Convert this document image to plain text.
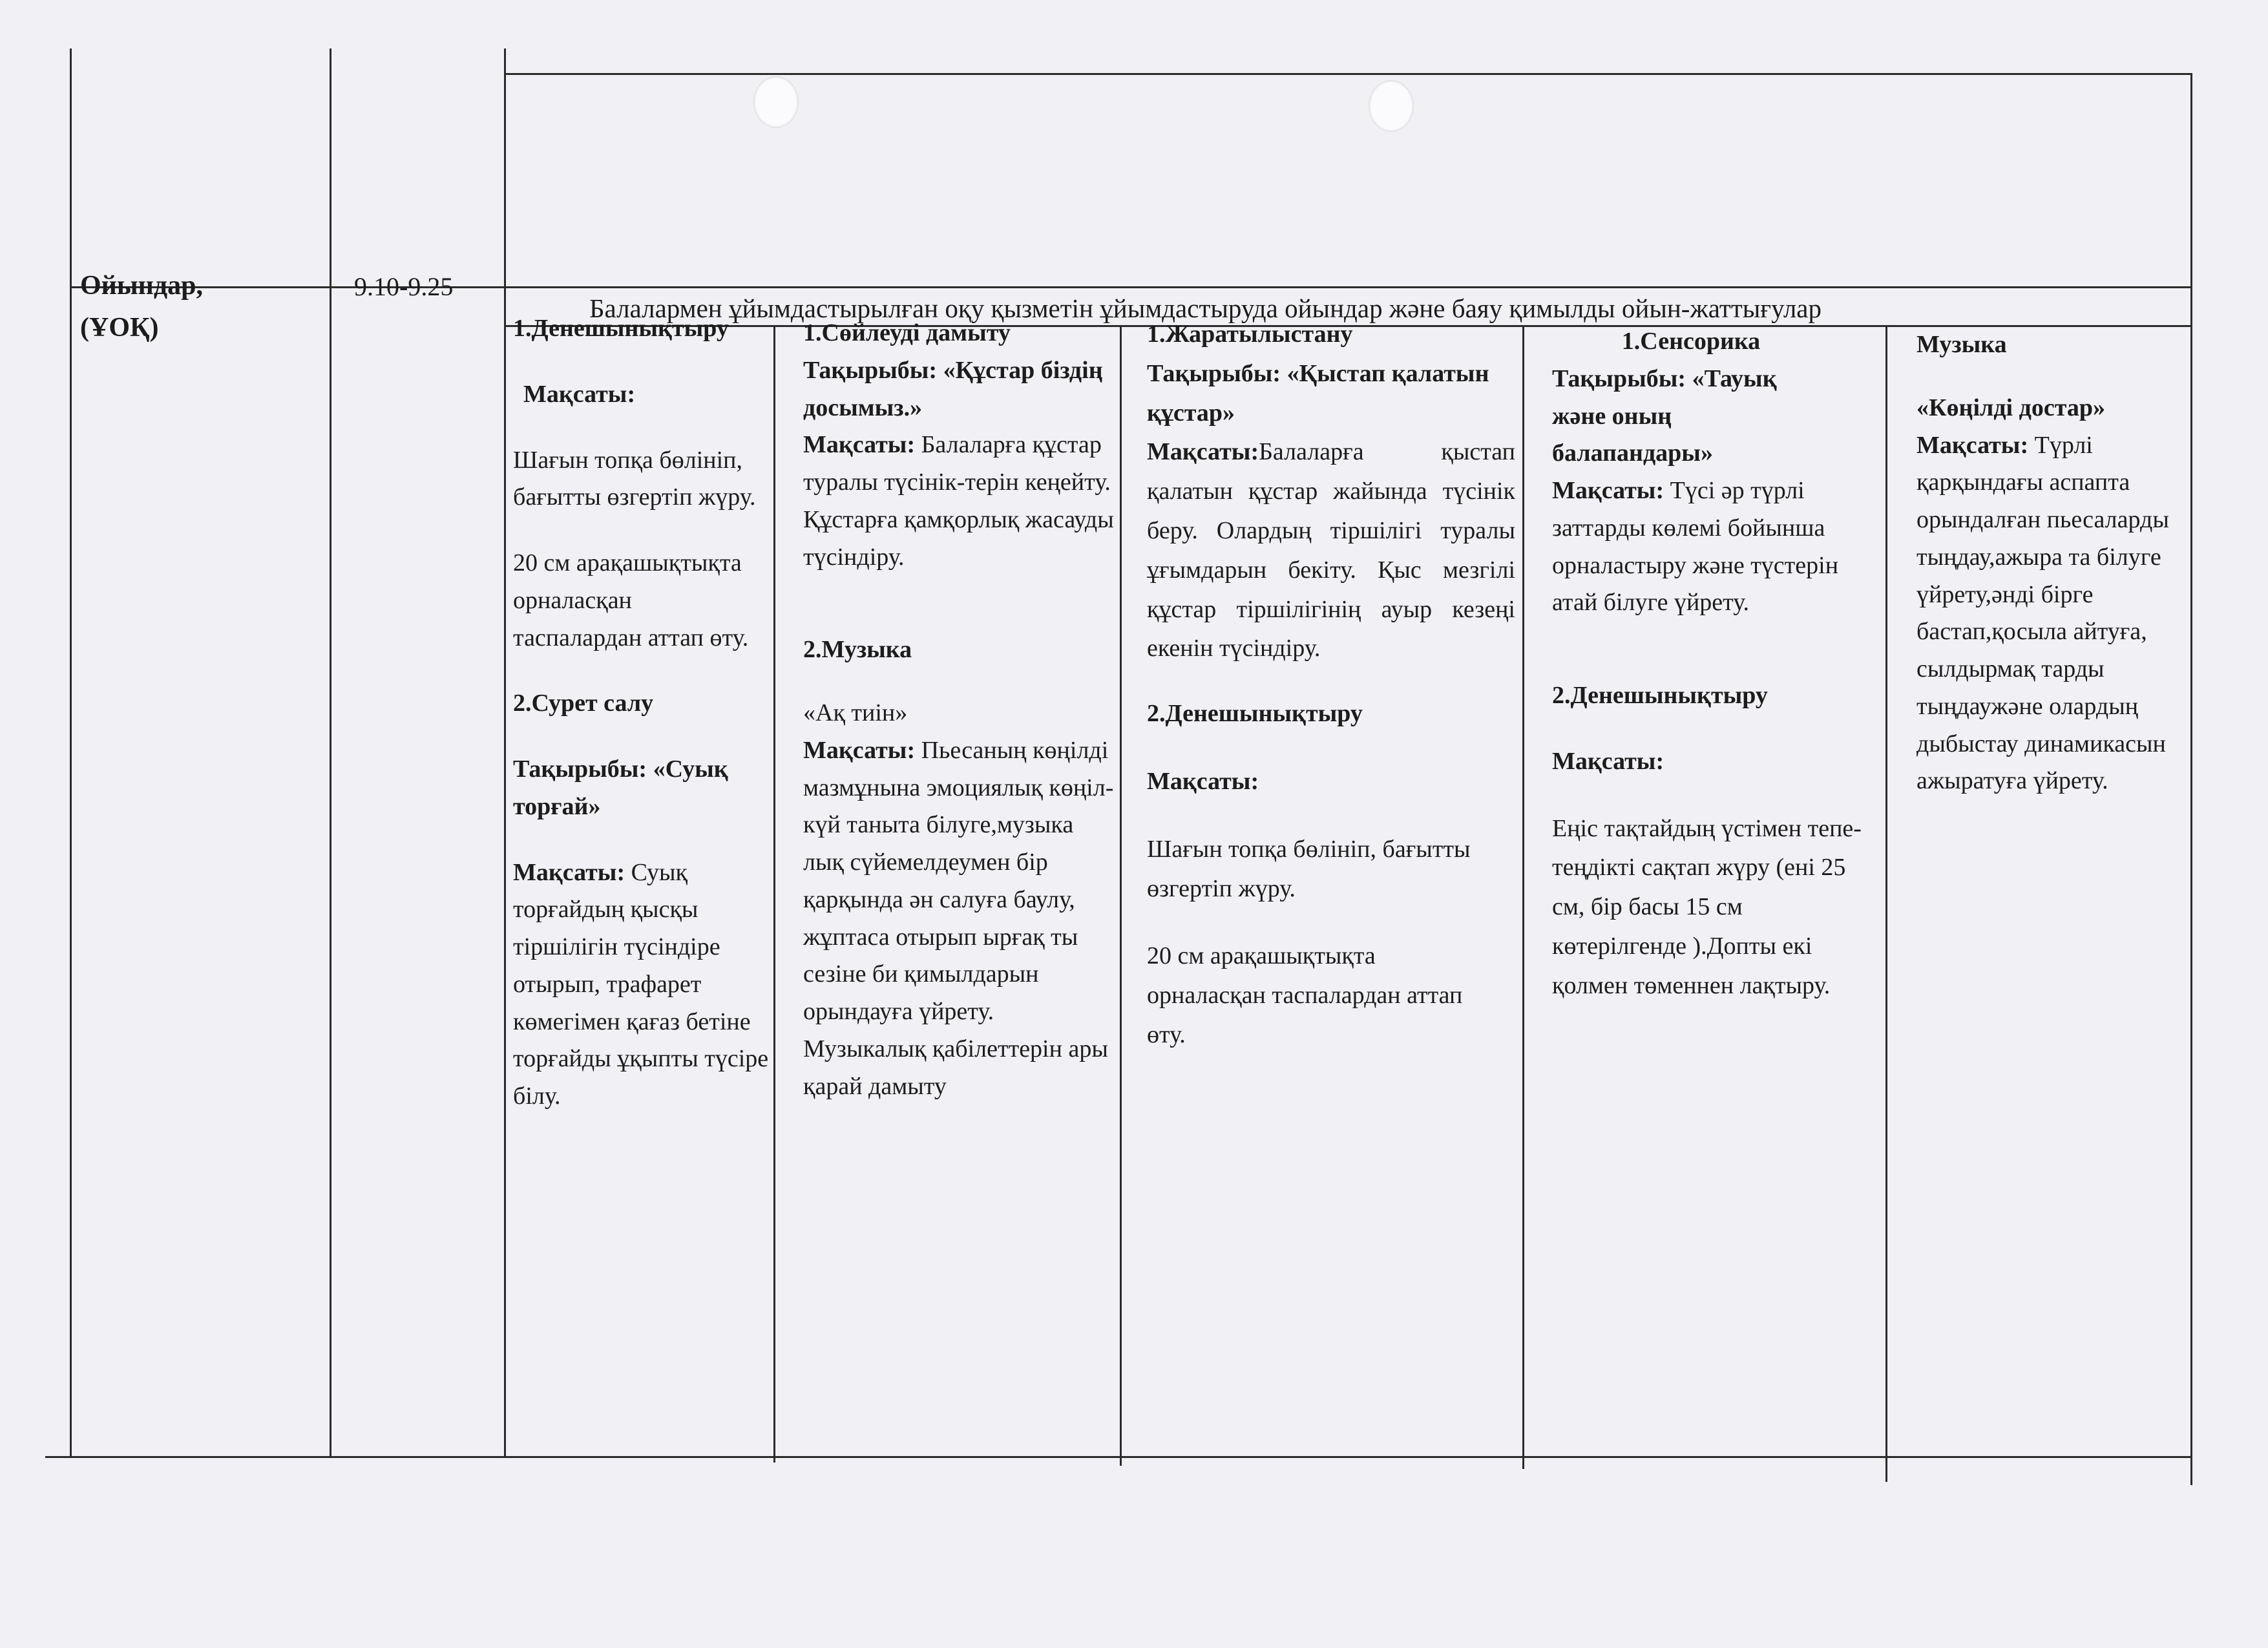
Ойындар,
(ҰОҚ)
9.10-9.25
Балалармен ұйымдастырылған оқу қызметін ұйымдастыруда ойындар және баяу қимылды ойын-жаттығулар
1.Денешынықтыру
Мақсаты:
Шағын топқа бөлініп, бағытты өзгертіп жүру.
20 см арақашықтықта орналасқан таспалардан аттап өту.
2.Сурет салу
Тақырыбы: «Суық торғай»
Мақсаты: Суық торғайдың қысқы тіршілігін түсіндіре отырып, трафарет көмегімен қағаз бетіне торғайды ұқыпты түсіре білу.
1.Сөйлеуді дамыту
Тақырыбы: «Құстар біздің досымыз.»
Мақсаты: Балаларға құстар туралы түсінік-терін кеңейту. Құстарға қамқорлық жасауды түсіндіру.
2.Музыка
«Ақ тиін»
Мақсаты: Пьесаның көңілді мазмұнына эмоциялық көңіл-күй таныта білуге,музыка лық сүйемелдеумен бір қарқында ән салуға баулу, жұптаса отырып ырғақ ты сезіне би қимылдарын орындауға үйрету. Музыкалық қабілеттерін ары қарай дамыту
1.Жаратылыстану
Тақырыбы: «Қыстап қалатын құстар»
Мақсаты:Балаларға қыстап қалатын құстар жайында түсінік беру. Олардың тіршілігі туралы ұғымдарын бекіту. Қыс мезгілі құстар тіршілігінің ауыр кезеңі екенін түсіндіру.
2.Денешынықтыру
Мақсаты:
Шағын топқа бөлініп, бағытты өзгертіп жүру.
20 см арақашықтықта орналасқан таспалардан аттап өту.
1.Сенсорика
Тақырыбы: «Тауық және оның балапандары»
Мақсаты: Түсі әр түрлі заттарды көлемі бойынша орналастыру және түстерін атай білуге үйрету.
2.Денешынықтыру
Мақсаты:
Еңіс тақтайдың үстімен тепе-теңдікті сақтап жүру (ені 25 см, бір басы 15 см көтерілгенде ).Допты екі қолмен төменнен лақтыру.
Музыка
«Көңілді достар»
Мақсаты: Түрлі қарқындағы аспапта орындалған пьесаларды тыңдау,ажыра та білуге үйрету,әнді бірге бастап,қосыла айтуға, сылдырмақ тарды тыңдаужәне олардың дыбыстау динамикасын ажыратуға үйрету.
